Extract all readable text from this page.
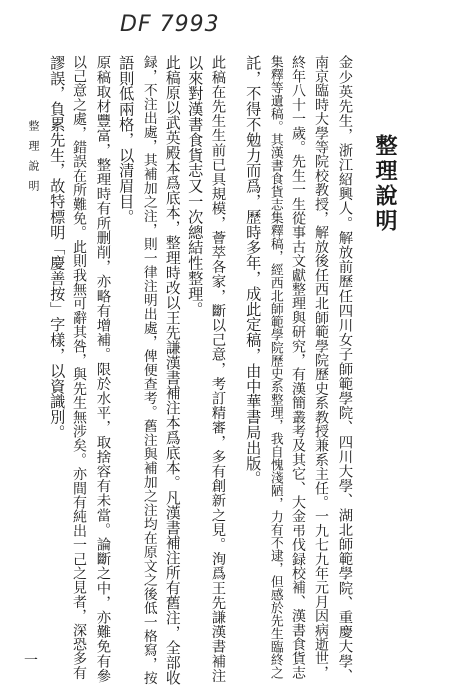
DF 7993
整理說明
金少英先生，浙江紹興人。解放前歷任四川女子師範學院、四川大學、湖北師範學院、重慶大學、
南京臨時大學等院校教授，解放後任西北師範學院歷史系教授兼系主任。一九七九年元月因病逝世，
終年八十一歲。先生一生從事古文獻整理與研究，有漢簡叢考及其它、大金弔伐録校補、漢書食貨志
集釋等遺稿。其漢書食貨志集釋稿，經西北師範學院歷史系整理，我自愧淺陋，力有不逮，但感於先生臨終之
託，不得不勉力而爲，歷時多年，成此定稿，由中華書局出版。
此稿在先生生前已具規模，薈萃各家，斷以己意，考訂精審，多有創新之見。洵爲王先謙漢書補注
以來對漢書食貨志又一次總結性整理。
此稿原以武英殿本爲底本，整理時改以王先謙漢書補注本爲底本。凡漢書補注所有舊注，全部收
録，不注出處，其補加之注，則一律注明出處，俾便查考。舊注與補加之注均在原文之後低一格寫，按
語則低兩格，以清眉目。
原稿取材豐富，整理時有所删削，亦略有增補。限於水平，取捨容有未當。論斷之中，亦難免有參
以己意之處，錯誤在所難免。此則我無可辭其咎，與先生無涉矣。亦間有純出一己之見者，深恐多有
謬誤，負累先生，故特標明「慶善按」字樣，以資識別。
整理說明
一
